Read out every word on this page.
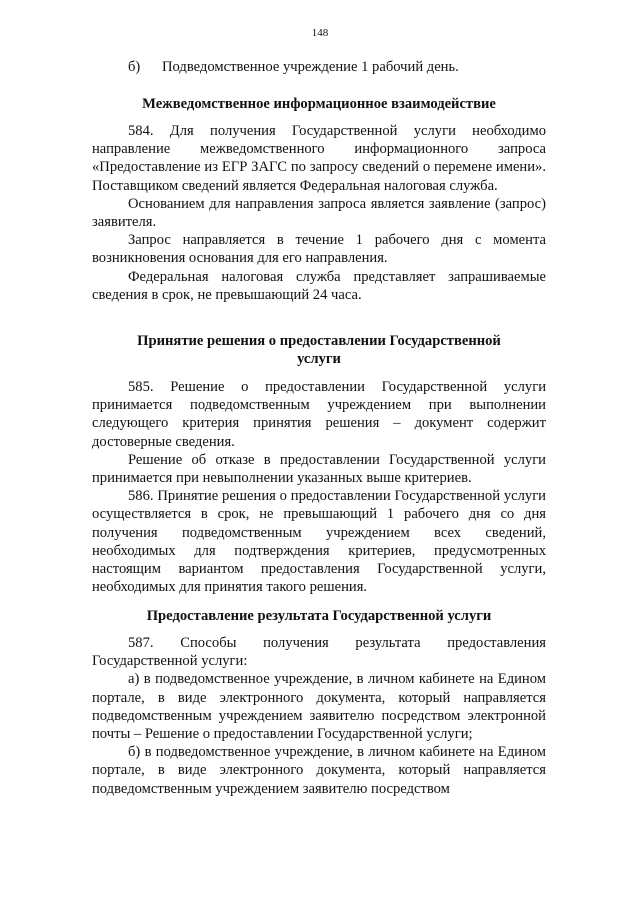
148
б)	Подведомственное учреждение 1 рабочий день.

Межведомственное информационное взаимодействие

584. Для получения Государственной услуги необходимо направление межведомственного информационного запроса «Предоставление из ЕГР ЗАГС по запросу сведений о перемене имени». Поставщиком сведений является Федеральная налоговая служба.

Основанием для направления запроса является заявление (запрос) заявителя.

Запрос направляется в течение 1 рабочего дня с момента возникновения основания для его направления.

Федеральная налоговая служба представляет запрашиваемые сведения в срок, не превышающий 24 часа.

Принятие решения о предоставлении Государственной

услуги

585. Решение о предоставлении Государственной услуги принимается подведомственным учреждением при выполнении следующего критерия принятия решения – документ содержит достоверные сведения.

Решение об отказе в предоставлении Государственной услуги принимается при невыполнении указанных выше критериев.

586. Принятие решения о предоставлении Государственной услуги осуществляется в срок, не превышающий 1 рабочего дня со дня получения подведомственным учреждением всех сведений, необходимых для подтверждения критериев, предусмотренных настоящим вариантом предоставления Государственной услуги, необходимых для принятия такого решения.

Предоставление результата Государственной услуги

587. Способы получения результата предоставления Государственной услуги:

а) в подведомственное учреждение, в личном кабинете на Едином портале, в виде электронного документа, который направляется подведомственным учреждением заявителю посредством электронной почты – Решение о предоставлении Государственной услуги;

б) в подведомственное учреждение, в личном кабинете на Едином портале, в виде электронного документа, который направляется подведомственным учреждением заявителю посредством
